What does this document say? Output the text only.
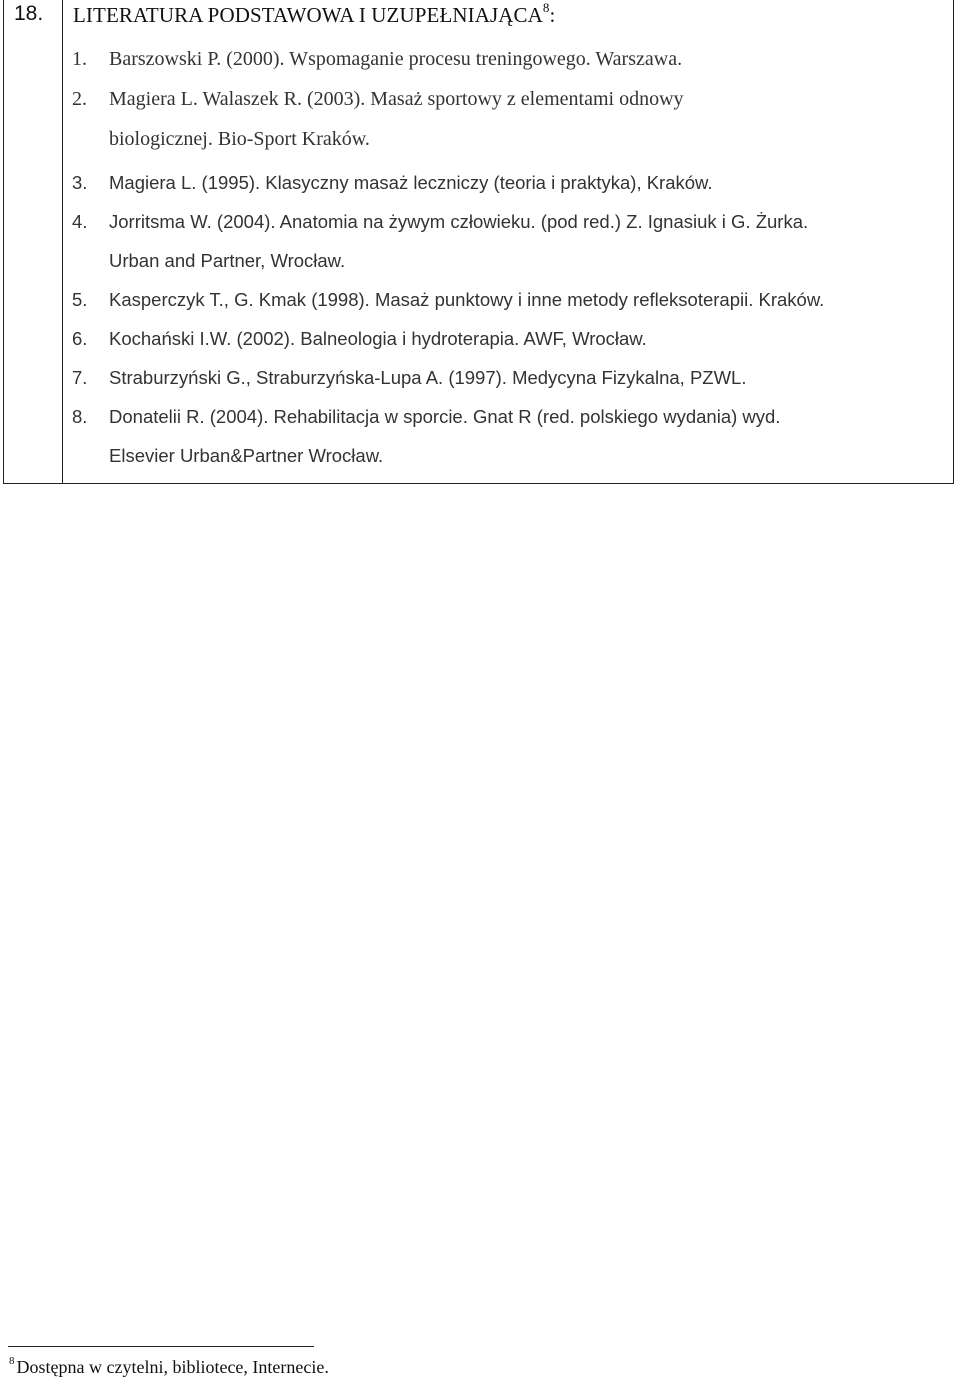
18. LITERATURA PODSTAWOWA I UZUPEŁNIAJĄCA$^8$:
1. Barszowski P. (2000). Wspomaganie procesu treningowego. Warszawa.
2. Magiera L. Walaszek R. (2003). Masaż sportowy z elementami odnowy
biologicznej. Bio-Sport Kraków.
3. Magiera L. (1995). Klasyczny masaż leczniczy (teoria i praktyka), Kraków.
4. Jorritsma W. (2004). Anatomia na żywym człowieku. (pod red.) Z. Ignasiuk i G. Żurka.
Urban and Partner, Wrocław.
5. Kasperczyk T., G. Kmak (1998). Masaż punktowy i inne metody refleksoterapii. Kraków.
6. Kochański I.W. (2002). Balneologia i hydroterapia. AWF, Wrocław.
7. Straburzyński G., Straburzyńska-Lupa A. (1997). Medycyna Fizykalna, PZWL.
8. Donatelii R. (2004). Rehabilitacja w sporcie. Gnat R (red. polskiego wydania) wyd.
Elsevier Urban&Partner Wrocław.
$^8$ Dostępna w czytelni, bibliotece, Internecie.
